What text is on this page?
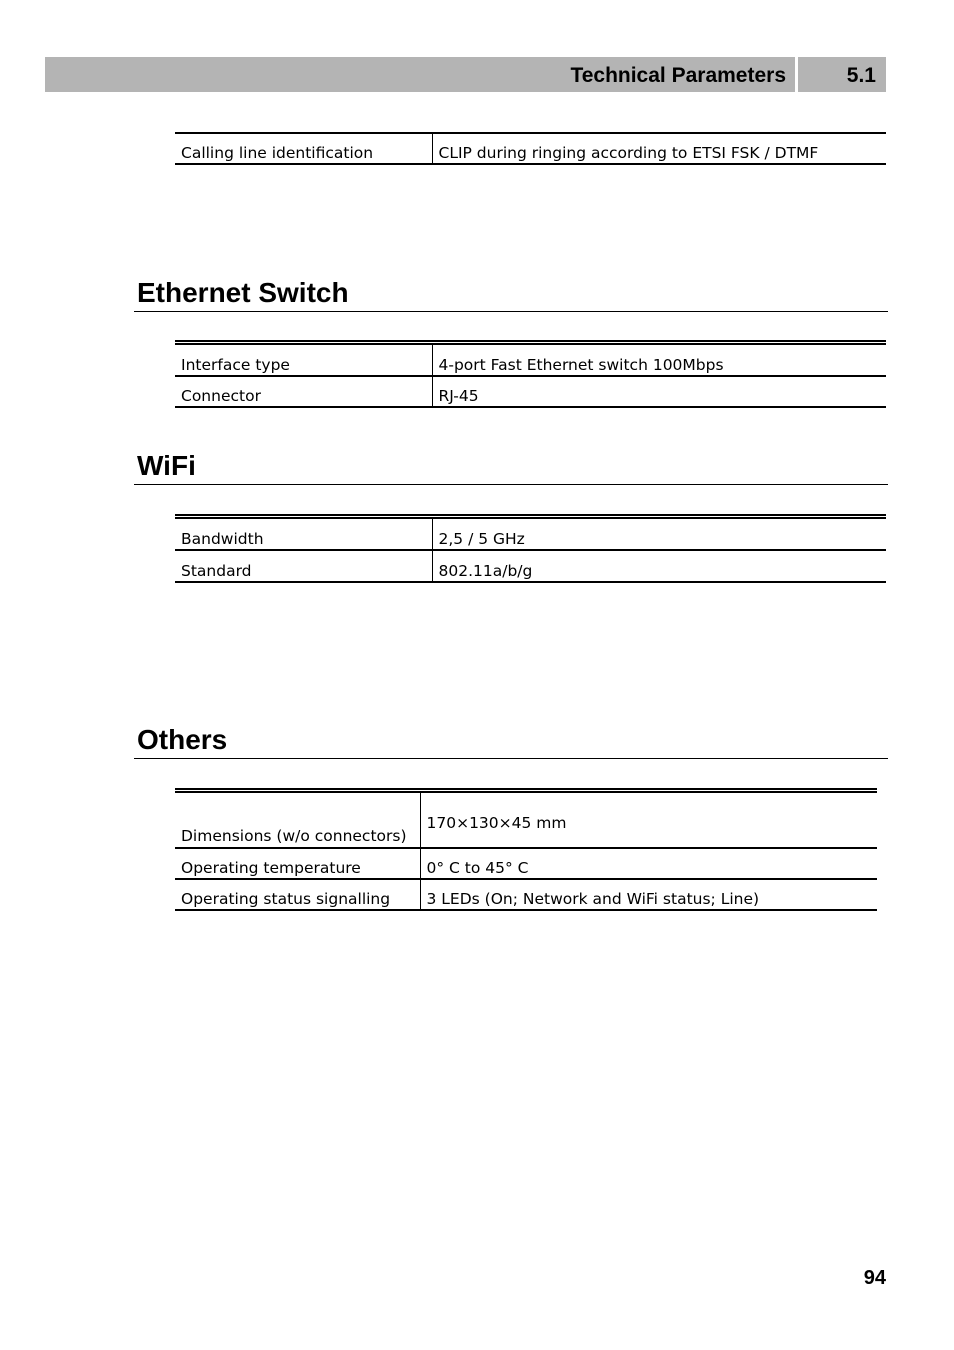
Technical Parameters	5.1
Calling line identification	CLIP during ringing according to ETSI FSK / DTMF
Ethernet Switch
Interface type	4-port Fast Ethernet switch 100Mbps
Connector	RJ-45
WiFi
Bandwidth	2,5 / 5 GHz
Standard	802.11a/b/g
Others
Dimensions (w/o connectors)	170×130×45 mm
Operating temperature	0° C to 45° C
Operating status signalling	3 LEDs (On; Network and WiFi status; Line)
94
